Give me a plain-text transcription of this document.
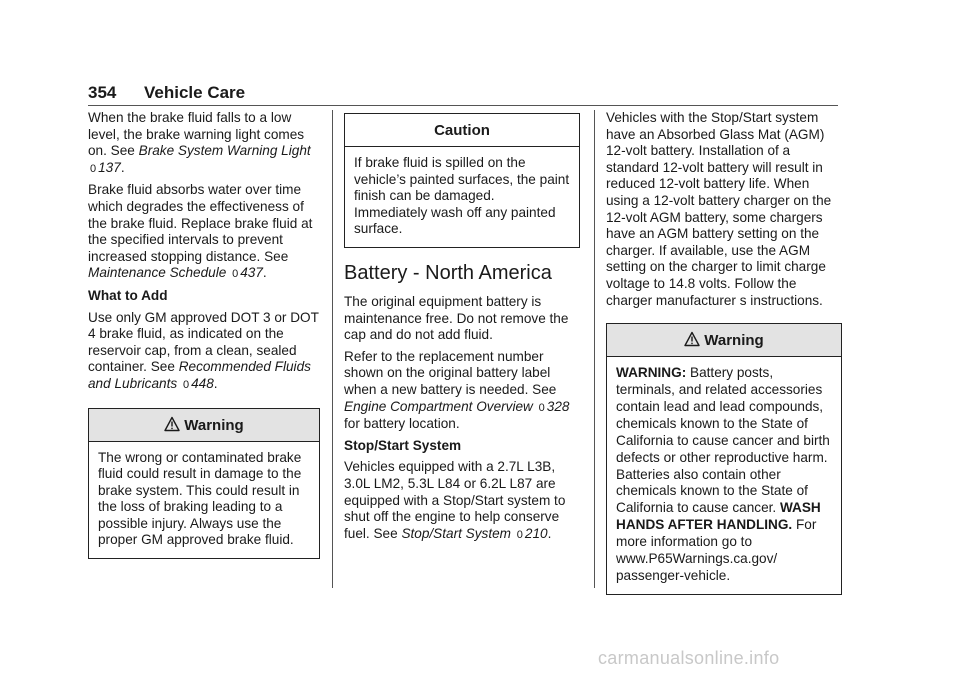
354 Vehicle Care

When the brake fluid falls to a low level, the brake warning light comes on. See Brake System Warning Light 0 137.

Brake fluid absorbs water over time which degrades the effectiveness of the brake fluid. Replace brake fluid at the specified intervals to prevent increased stopping distance. See Maintenance Schedule 0 437.

What to Add

Use only GM approved DOT 3 or DOT 4 brake fluid, as indicated on the reservoir cap, from a clean, sealed container. See Recommended Fluids and Lubricants 0 448.

Warning
The wrong or contaminated brake fluid could result in damage to the brake system. This could result in the loss of braking leading to a possible injury. Always use the proper GM approved brake fluid.
Caution
If brake fluid is spilled on the vehicle’s painted surfaces, the paint finish can be damaged. Immediately wash off any painted surface.
Battery - North America

The original equipment battery is maintenance free. Do not remove the cap and do not add fluid.

Refer to the replacement number shown on the original battery label when a new battery is needed. See Engine Compartment Overview 0 328 for battery location.

Stop/Start System

Vehicles equipped with a 2.7L L3B, 3.0L LM2, 5.3L L84 or 6.2L L87 are equipped with a Stop/Start system to shut off the engine to help conserve fuel. See Stop/Start System 0 210.

Vehicles with the Stop/Start system have an Absorbed Glass Mat (AGM) 12-volt battery. Installation of a standard 12-volt battery will result in reduced 12-volt battery life. When using a 12-volt battery charger on the 12-volt AGM battery, some chargers have an AGM battery setting on the charger. If available, use the AGM setting on the charger to limit charge voltage to 14.8 volts. Follow the charger manufacturer s instructions.

Warning
WARNING: Battery posts, terminals, and related accessories contain lead and lead compounds, chemicals known to the State of California to cause cancer and birth defects or other reproductive harm. Batteries also contain other chemicals known to the State of California to cause cancer. WASH HANDS AFTER HANDLING. For more information go to www.P65Warnings.ca.gov/ passenger-vehicle.
carmanualsonline.info
